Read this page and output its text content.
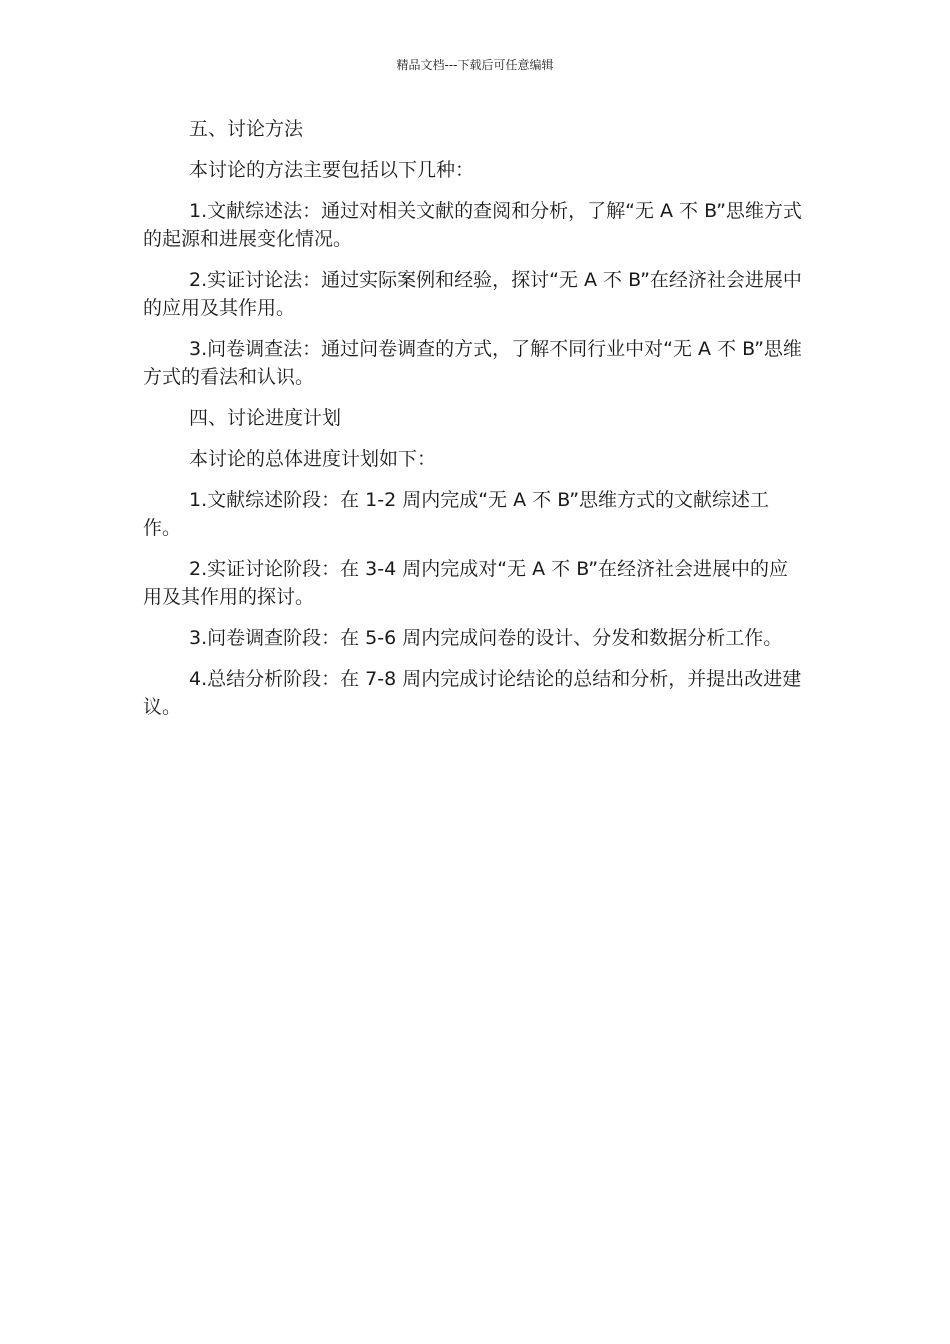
精品文档---下载后可任意编辑

五、讨论方法

本讨论的方法主要包括以下几种：

1.文献综述法：通过对相关文献的查阅和分析，了解“无 A 不 B”思维方式的起源和进展变化情况。

2.实证讨论法：通过实际案例和经验，探讨“无 A 不 B”在经济社会进展中的应用及其作用。

3.问卷调查法：通过问卷调查的方式，了解不同行业中对“无 A 不 B”思维方式的看法和认识。

四、讨论进度计划

本讨论的总体进度计划如下：

1.文献综述阶段：在 1-2 周内完成“无 A 不 B”思维方式的文献综述工作。

2.实证讨论阶段：在 3-4 周内完成对“无 A 不 B”在经济社会进展中的应用及其作用的探讨。

3.问卷调查阶段：在 5-6 周内完成问卷的设计、分发和数据分析工作。

4.总结分析阶段：在 7-8 周内完成讨论结论的总结和分析，并提出改进建议。
